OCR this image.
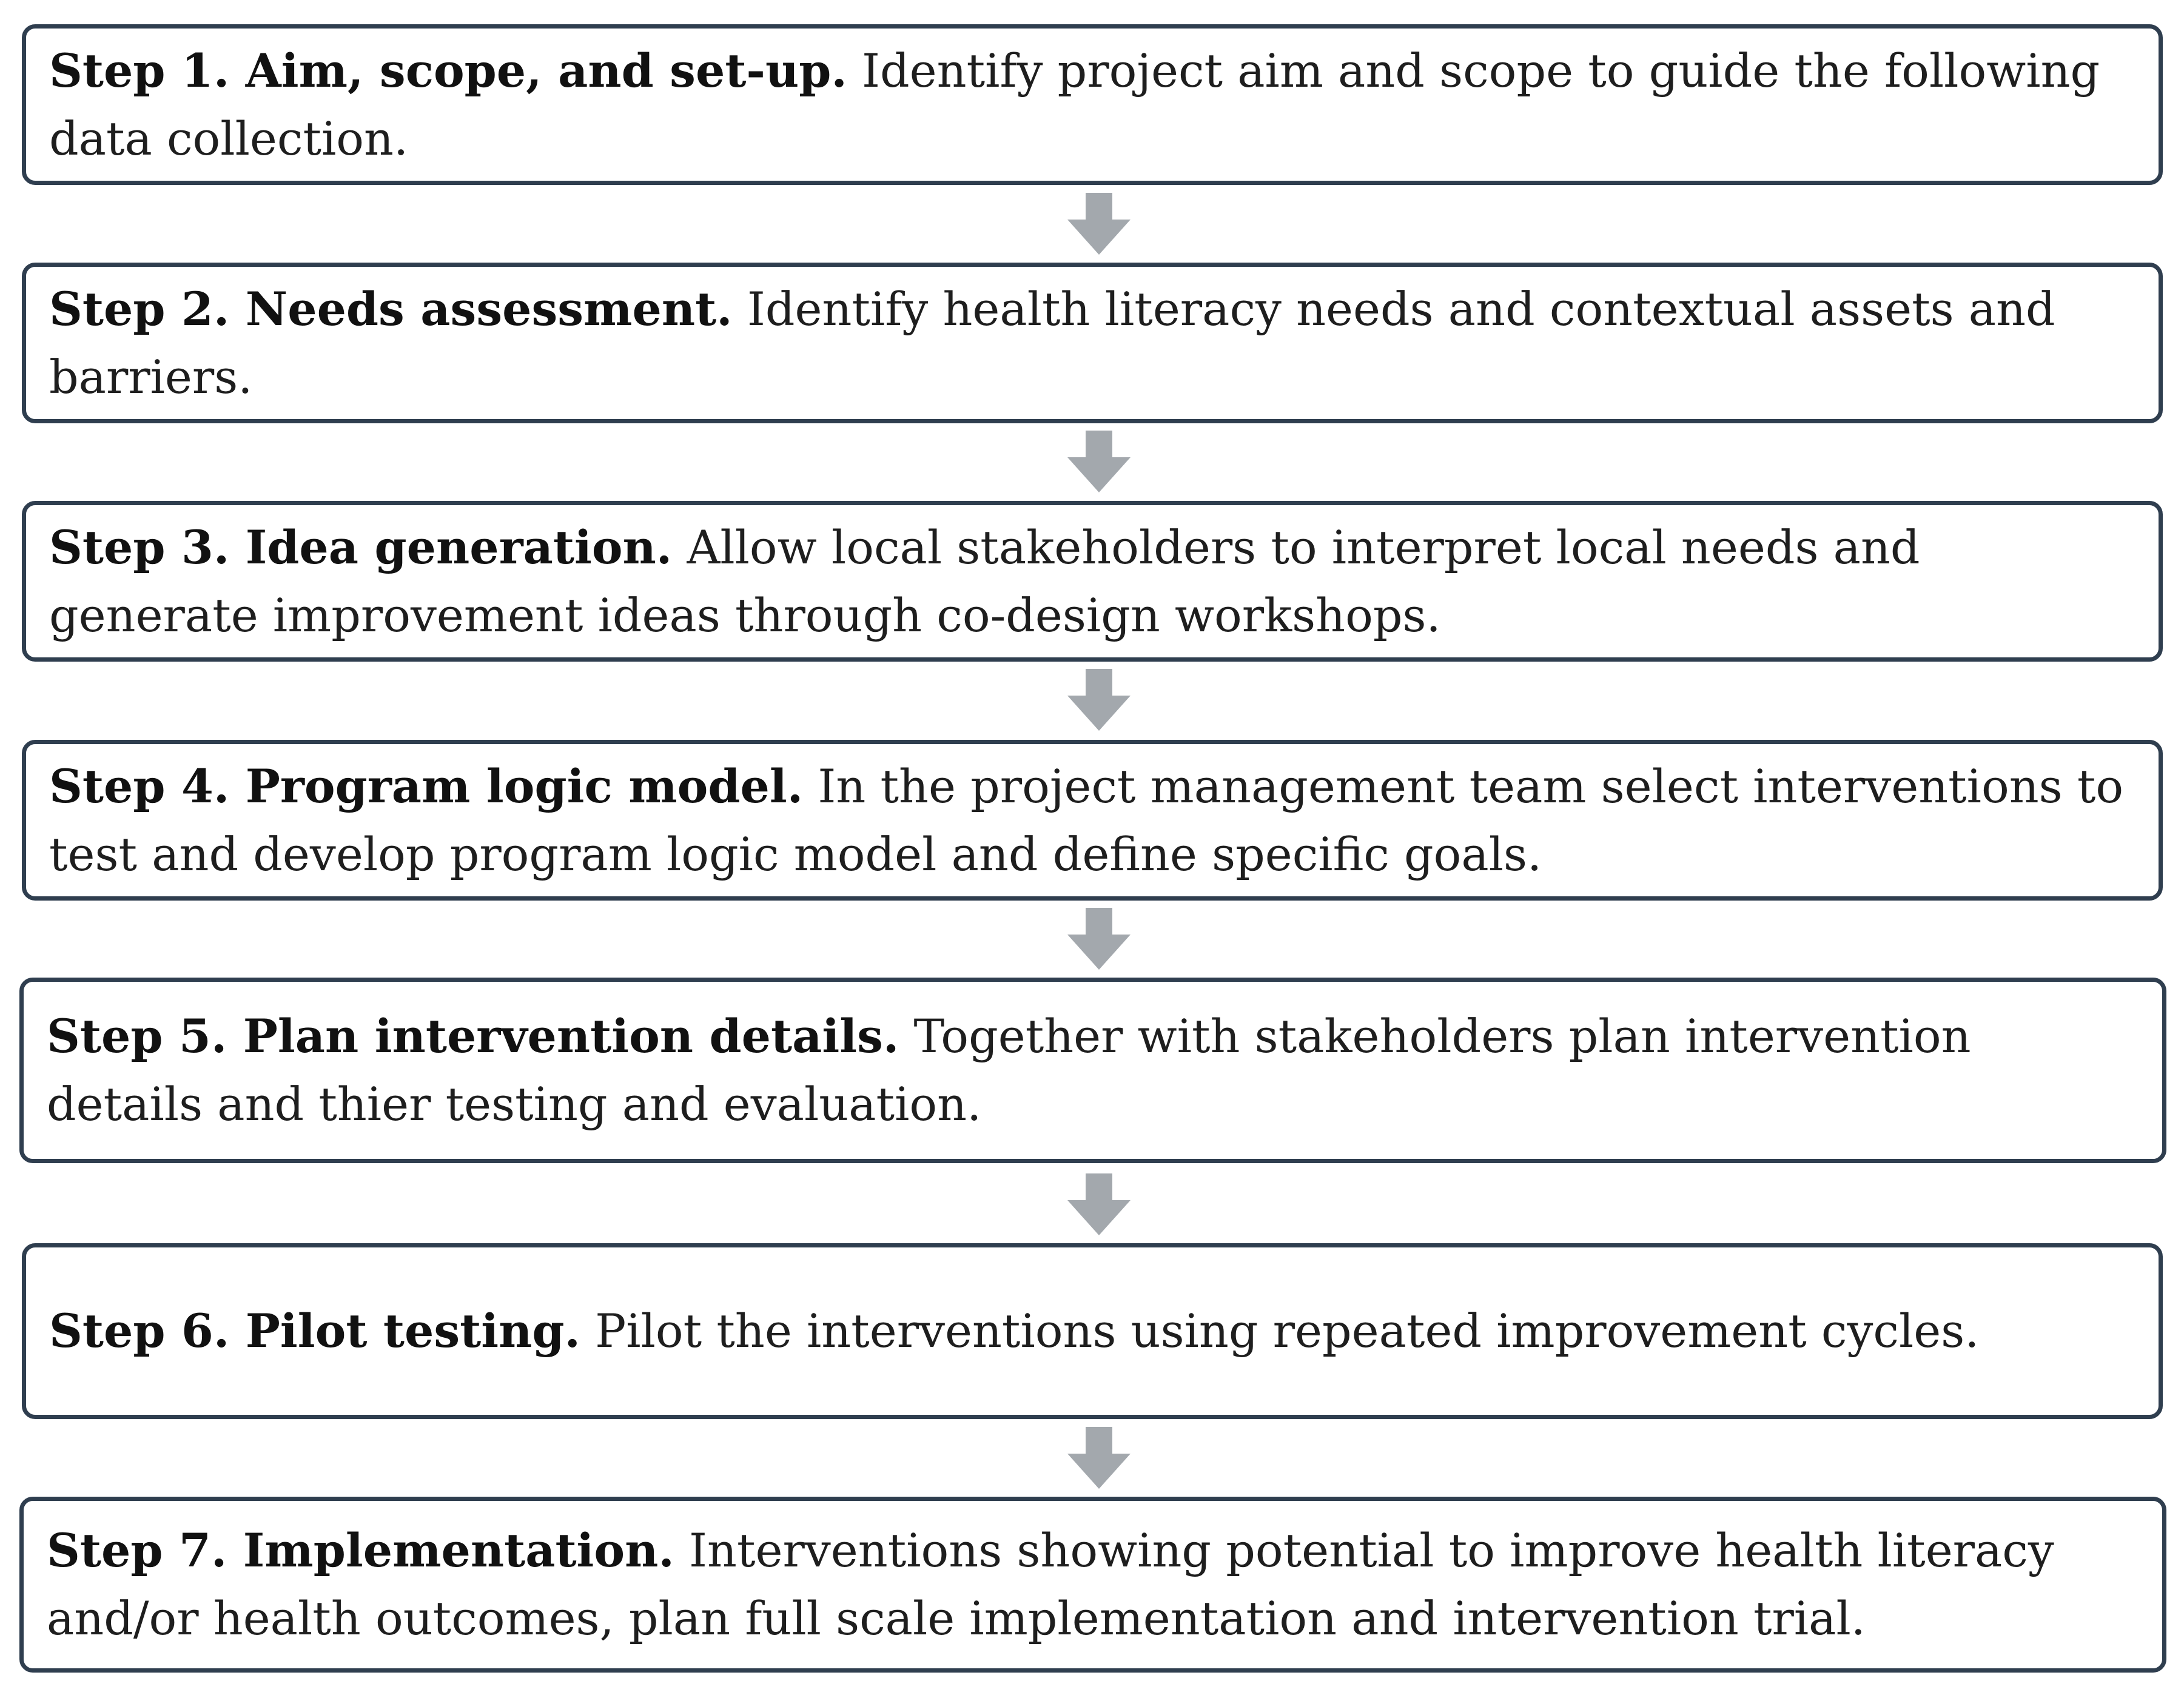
Step 1. Aim, scope, and set-up. Identify project aim and scope to guide the following data collection.

Step 2. Needs assessment. Identify health literacy needs and contextual assets and barriers.

Step 3. Idea generation. Allow local stakeholders to interpret local needs and generate improvement ideas through co-design workshops.

Step 4. Program logic model. In the project management team select interventions to test and develop program logic model and define specific goals.

Step 5. Plan intervention details. Together with stakeholders plan intervention details and thier testing and evaluation.

Step 6. Pilot testing. Pilot the interventions using repeated improvement cycles.

Step 7. Implementation. Interventions showing potential to improve health literacy and/or health outcomes, plan full scale implementation and intervention trial.
